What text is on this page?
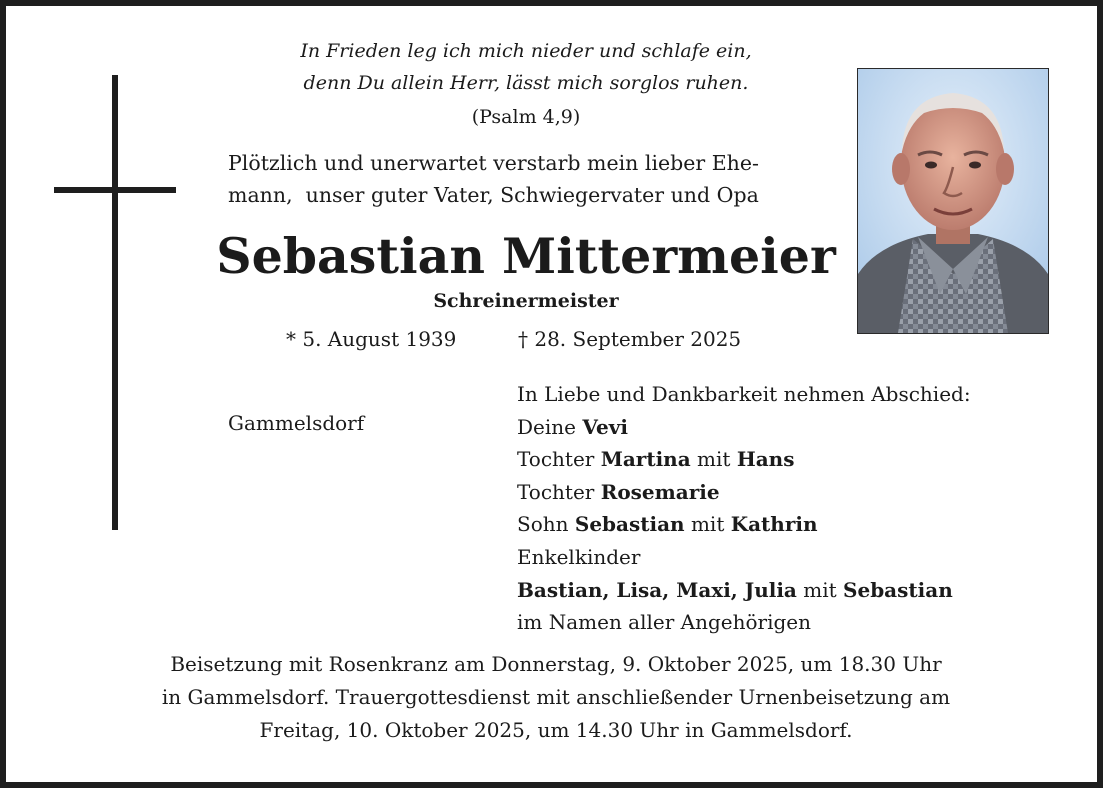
In Frieden leg ich mich nieder und schlafe ein,
denn Du allein Herr, lässt mich sorglos ruhen.
(Psalm 4,9)
Plötzlich und unerwartet verstarb mein lieber Ehe-
mann,  unser guter Vater, Schwiegervater und Opa
Sebastian Mittermeier
Schreinermeister
* 5. August 1939	† 28. September 2025
Gammelsdorf
In Liebe und Dankbarkeit nehmen Abschied:
Deine Vevi
Tochter Martina mit Hans
Tochter Rosemarie
Sohn Sebastian mit Kathrin
Enkelkinder
Bastian, Lisa, Maxi, Julia mit Sebastian
im Namen aller Angehörigen
Beisetzung mit Rosenkranz am Donnerstag, 9. Oktober 2025, um 18.30 Uhr
in Gammelsdorf. Trauergottesdienst mit anschließender Urnenbeisetzung am
Freitag, 10. Oktober 2025, um 14.30 Uhr in Gammelsdorf.
